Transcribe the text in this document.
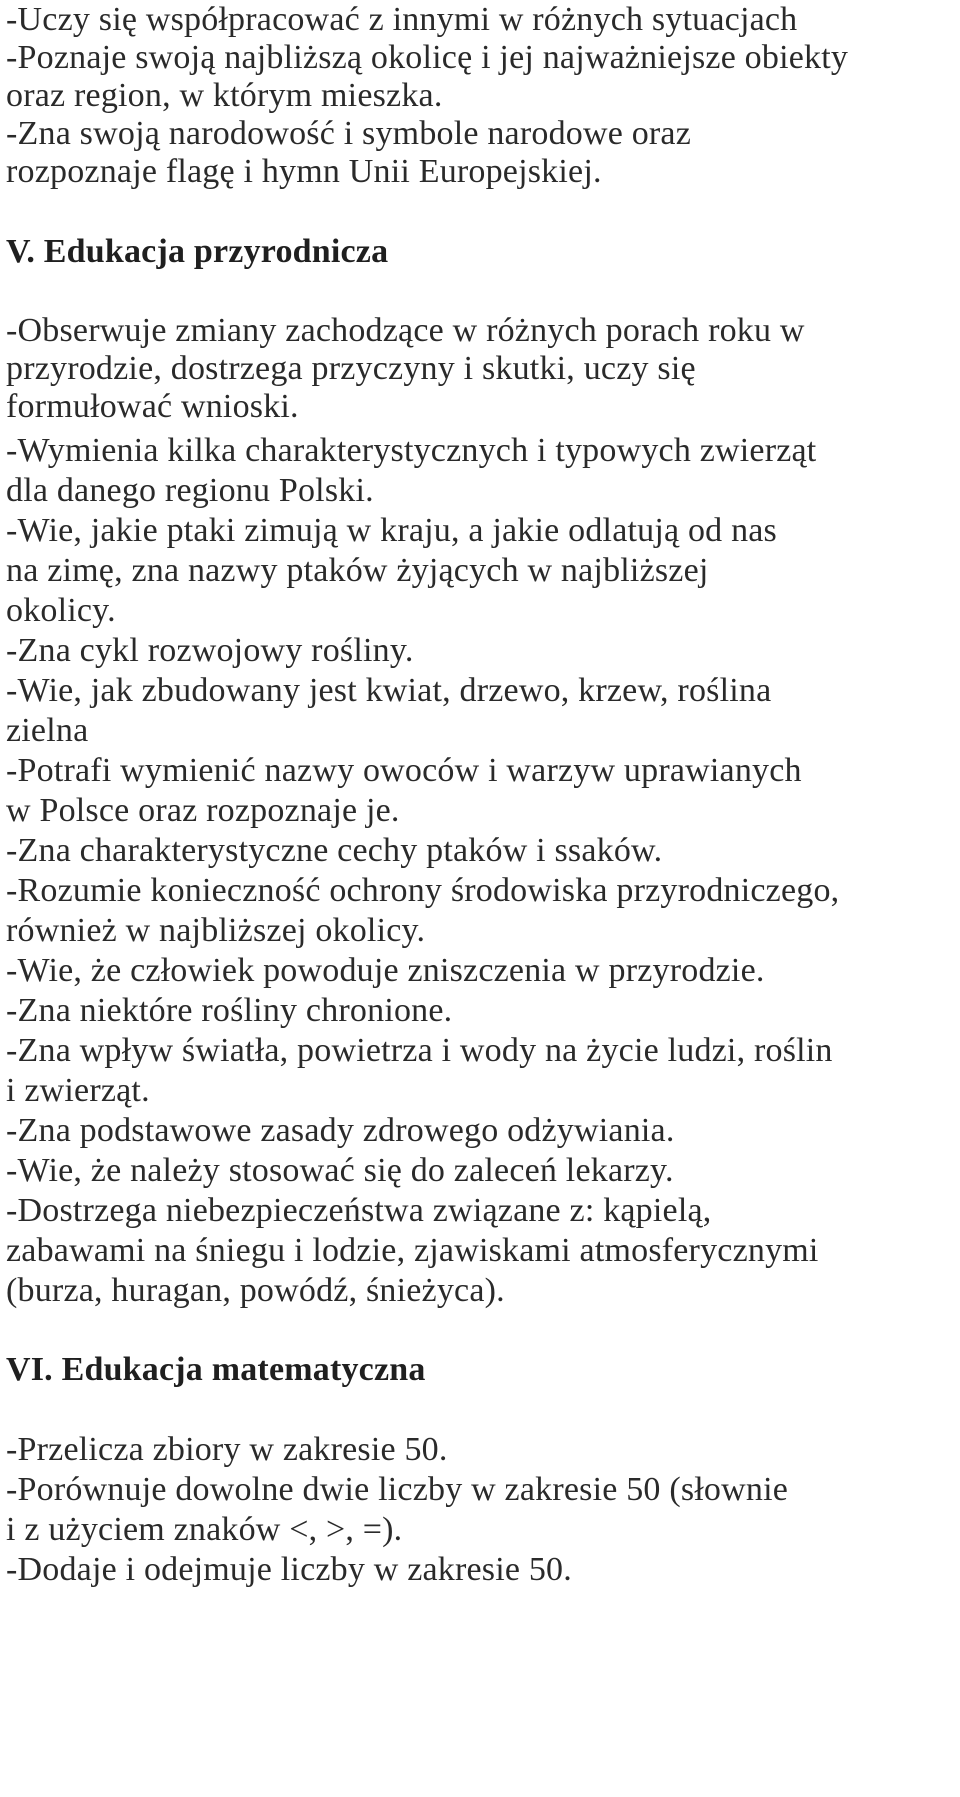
-Uczy się współpracować z innymi w różnych sytuacjach
-Poznaje swoją najbliższą okolicę i jej najważniejsze obiekty
oraz region, w którym mieszka.
-Zna swoją narodowość i symbole narodowe oraz
rozpoznaje flagę i hymn Unii Europejskiej.
V. Edukacja przyrodnicza
-Obserwuje zmiany zachodzące w różnych porach roku w
przyrodzie, dostrzega przyczyny i skutki, uczy się
formułować wnioski.
-Wymienia kilka charakterystycznych i typowych zwierząt
dla danego regionu Polski.
-Wie, jakie ptaki zimują w kraju, a jakie odlatują od nas
na zimę, zna nazwy ptaków żyjących w najbliższej
okolicy.
-Zna cykl rozwojowy rośliny.
-Wie, jak zbudowany jest kwiat, drzewo, krzew, roślina
zielna
-Potrafi wymienić nazwy owoców i warzyw uprawianych
w Polsce oraz rozpoznaje je.
-Zna charakterystyczne cechy ptaków i ssaków.
-Rozumie konieczność ochrony środowiska przyrodniczego,
również w najbliższej okolicy.
-Wie, że człowiek powoduje zniszczenia w przyrodzie.
-Zna niektóre rośliny chronione.
-Zna wpływ światła, powietrza i wody na życie ludzi, roślin
i zwierząt.
-Zna podstawowe zasady zdrowego odżywiania.
-Wie, że należy stosować się do zaleceń lekarzy.
-Dostrzega niebezpieczeństwa związane z: kąpielą,
zabawami na śniegu i lodzie, zjawiskami atmosferycznymi
(burza, huragan, powódź, śnieżyca).
VI. Edukacja matematyczna
-Przelicza zbiory w zakresie 50.
-Porównuje dowolne dwie liczby w zakresie 50 (słownie
i z użyciem znaków <, >, =).
-Dodaje i odejmuje liczby w zakresie 50.
